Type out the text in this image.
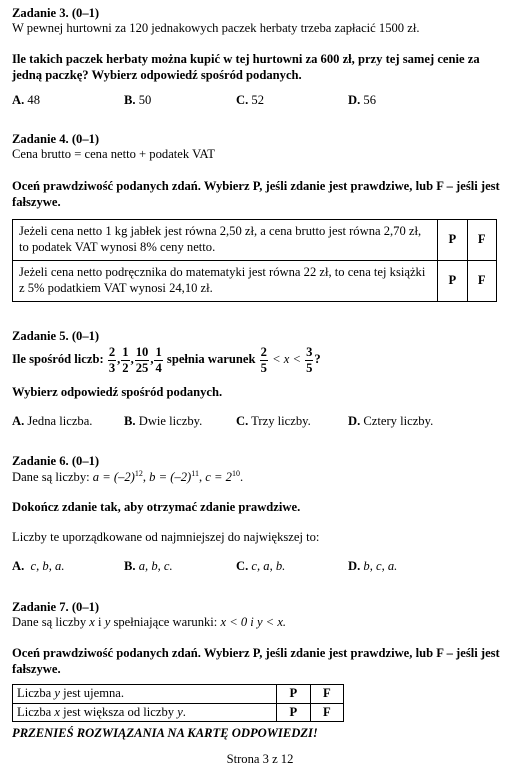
Zadanie 3. (0–1)
W pewnej hurtowni za 120 jednakowych paczek herbaty trzeba zapłacić 1500 zł.
Ile takich paczek herbaty można kupić w tej hurtowni za 600 zł, przy tej samej cenie za jedną paczkę? Wybierz odpowiedź spośród podanych.
A. 48	B. 50	C. 52	D. 56
Zadanie 4. (0–1)
Cena brutto = cena netto + podatek VAT
Oceń prawdziwość podanych zdań. Wybierz P, jeśli zdanie jest prawdziwe, lub F – jeśli jest fałszywe.
Jeżeli cena netto 1 kg jabłek jest równa 2,50 zł, a cena brutto jest równa 2,70 zł, to podatek VAT wynosi 8% ceny netto.	P	F
Jeżeli cena netto podręcznika do matematyki jest równa 22 zł, to cena tej książki z 5% podatkiem VAT wynosi 24,10 zł.	P	F
Zadanie 5. (0–1)
Ile spośród liczb:
$\frac{2}{3}$ , $\frac{1}{2}$ , $\frac{10}{25}$ , $\frac{1}{4}$
spełnia warunek
$\frac{2}{5}$
< x <
$\frac{3}{5}$ ?
Wybierz odpowiedź spośród podanych.
A. Jedna liczba.	B. Dwie liczby.	C. Trzy liczby.	D. Cztery liczby.
Zadanie 6. (0–1)
Dane są liczby: $a = (-2)^{12}$, $b = (-2)^{11}$, $c = 2^{10}$.
Dokończ zdanie tak, aby otrzymać zdanie prawdziwe.
Liczby te uporządkowane od najmniejszej do największej to:
A. c, b, a.	B. a, b, c.	C. c, a, b.	D. b, c, a.
Zadanie 7. (0–1)
Dane są liczby x i y spełniające warunki: x < 0 i y < x.
Oceń prawdziwość podanych zdań. Wybierz P, jeśli zdanie jest prawdziwe, lub F – jeśli jest fałszywe.
Liczba y jest ujemna.	P	F
Liczba x jest większa od liczby y.	P	F
PRZENIEŚ ROZWIĄZANIA NA KARTĘ ODPOWIEDZI!
Strona 3 z 12
